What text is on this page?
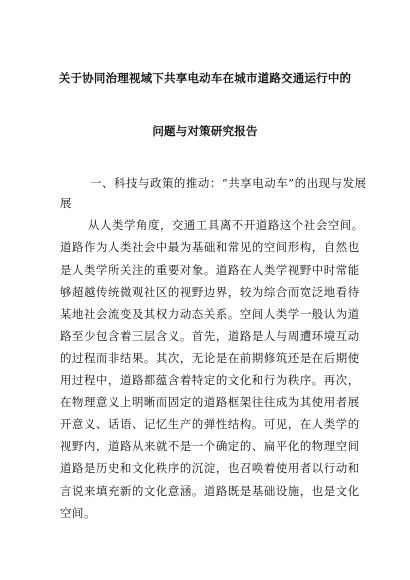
关于协同治理视域下共享电动车在城市道路交通运行中的
问题与对策研究报告
一、科技与政策的推动：“共享电动车”的出现与发展
展
从人类学角度，交通工具离不开道路这个社会空间。
道路作为人类社会中最为基础和常见的空间形构，自然也
是人类学所关注的重要对象。道路在人类学视野中时常能
够超越传统微观社区的视野边界，较为综合而宽泛地看待
某地社会流变及其权力动态关系。空间人类学一般认为道
路至少包含着三层含义。首先，道路是人与周遭环境互动
的过程而非结果。其次，无论是在前期修筑还是在后期使
用过程中，道路都蕴含着特定的文化和行为秩序。再次，
在物理意义上明晰而固定的道路框架往往成为其使用者展
开意义、话语、记忆生产的弹性结构。可见，在人类学的
视野内，道路从来就不是一个确定的、扁平化的物理空间
道路是历史和文化秩序的沉淀，也召唤着使用者以行动和
言说来填充新的文化意涵。道路既是基础设施，也是文化
空间。
